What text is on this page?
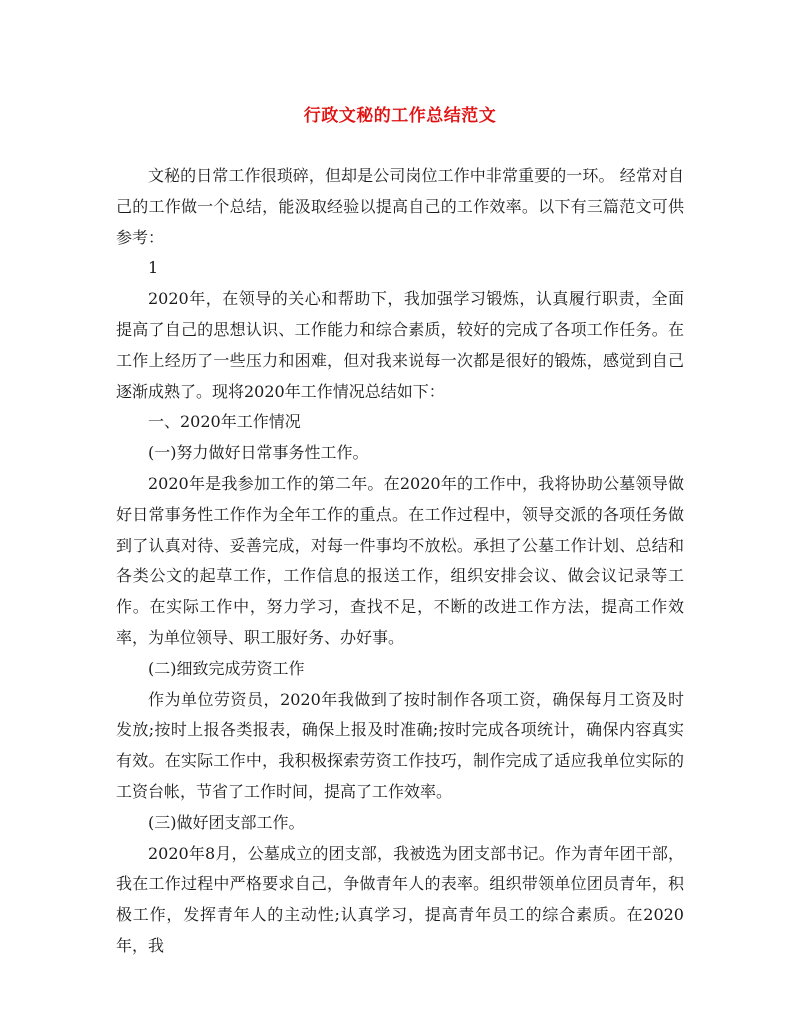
行政文秘的工作总结范文

文秘的日常工作很琐碎，但却是公司岗位工作中非常重要的一环。 经常对自己的工作做一个总结，能汲取经验以提高自己的工作效率。以下有三篇范文可供参考：

1

2020年，在领导的关心和帮助下，我加强学习锻炼，认真履行职责，全面提高了自己的思想认识、工作能力和综合素质，较好的完成了各项工作任务。在工作上经历了一些压力和困难，但对我来说每一次都是很好的锻炼，感觉到自己逐渐成熟了。现将2020年工作情况总结如下：

一、2020年工作情况

(一)努力做好日常事务性工作。

2020年是我参加工作的第二年。在2020年的工作中，我将协助公墓领导做好日常事务性工作作为全年工作的重点。在工作过程中，领导交派的各项任务做到了认真对待、妥善完成，对每一件事均不放松。承担了公墓工作计划、总结和各类公文的起草工作，工作信息的报送工作，组织安排会议、做会议记录等工作。在实际工作中，努力学习，查找不足，不断的改进工作方法，提高工作效率，为单位领导、职工服好务、办好事。

(二)细致完成劳资工作

作为单位劳资员，2020年我做到了按时制作各项工资，确保每月工资及时发放;按时上报各类报表，确保上报及时准确;按时完成各项统计，确保内容真实有效。在实际工作中，我积极探索劳资工作技巧，制作完成了适应我单位实际的工资台帐，节省了工作时间，提高了工作效率。

(三)做好团支部工作。

2020年8月，公墓成立的团支部，我被选为团支部书记。作为青年团干部，我在工作过程中严格要求自己，争做青年人的表率。组织带领单位团员青年，积极工作，发挥青年人的主动性;认真学习，提高青年员工的综合素质。在2020年，我
